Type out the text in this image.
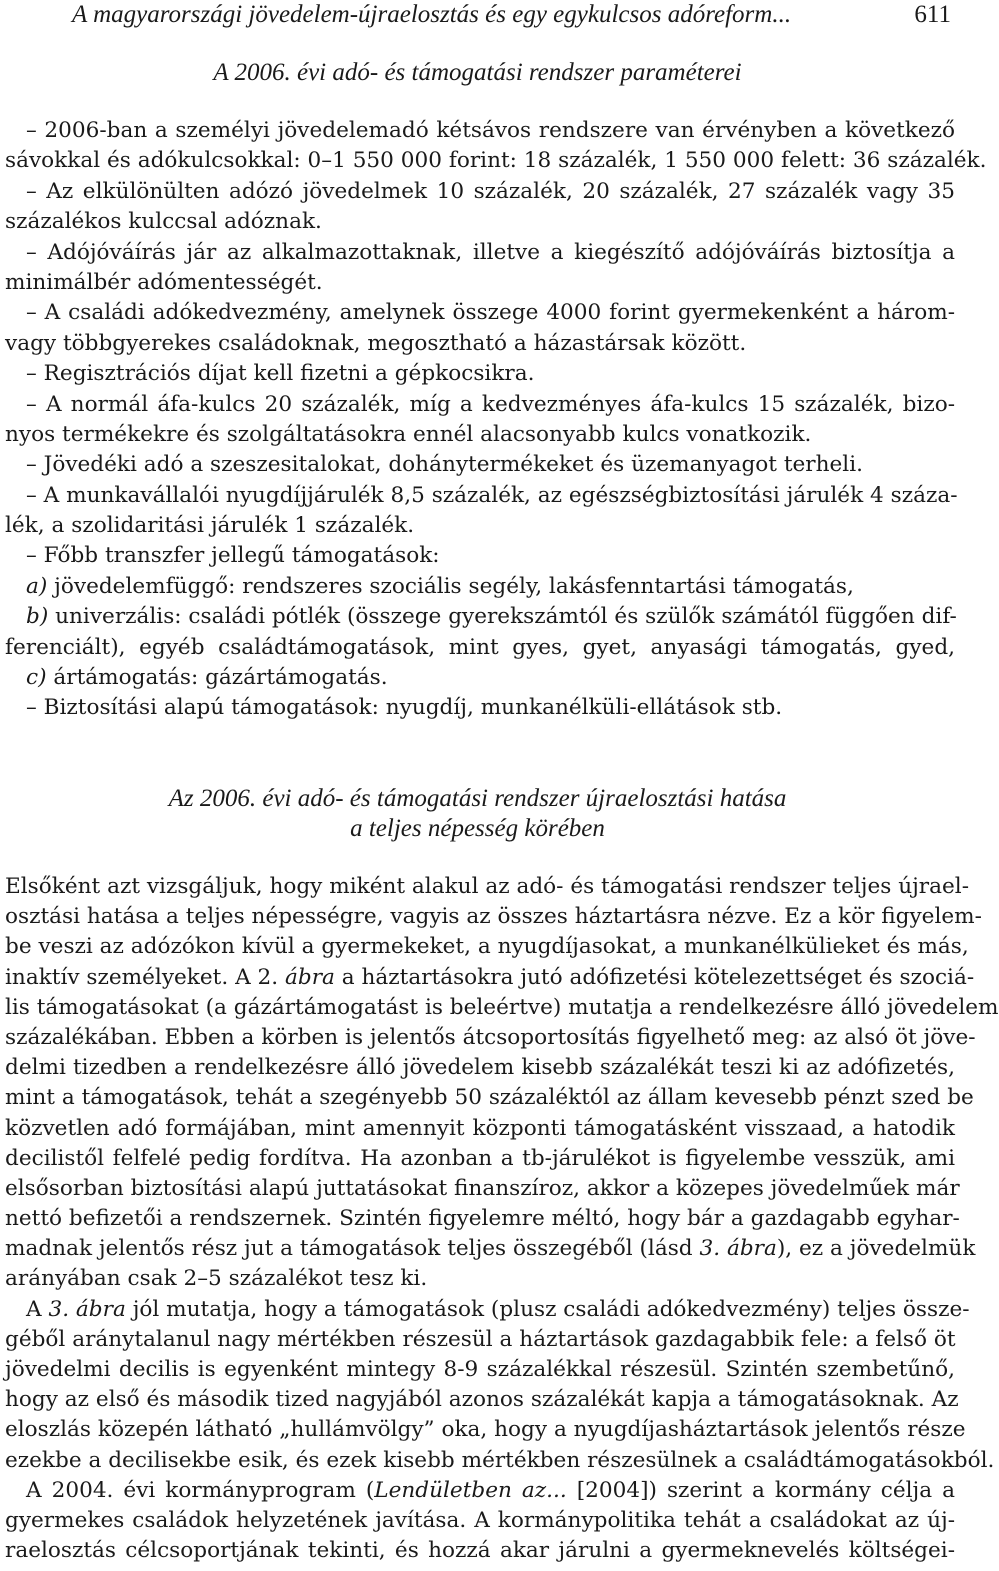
A magyarországi jövedelem-újraelosztás és egy egykulcsos adóreform...	611
A 2006. évi adó- és támogatási rendszer paraméterei
– 2006-ban a személyi jövedelemadó kétsávos rendszere van érvényben a következő
sávokkal és adókulcsokkal: 0–1 550 000 forint: 18 százalék, 1 550 000 felett: 36 százalék.
– Az elkülönülten adózó jövedelmek 10 százalék, 20 százalék, 27 százalék vagy 35
százalékos kulccsal adóznak.
– Adójóváírás jár az alkalmazottaknak, illetve a kiegészítő adójóváírás biztosítja a
minimálbér adómentességét.
– A családi adókedvezmény, amelynek összege 4000 forint gyermekenként a három-
vagy többgyerekes családoknak, megosztható a házastársak között.
– Regisztrációs díjat kell fizetni a gépkocsikra.
– A normál áfa-kulcs 20 százalék, míg a kedvezményes áfa-kulcs 15 százalék, bizo-
nyos termékekre és szolgáltatásokra ennél alacsonyabb kulcs vonatkozik.
– Jövedéki adó a szeszesitalokat, dohánytermékeket és üzemanyagot terheli.
– A munkavállalói nyugdíjjárulék 8,5 százalék, az egészségbiztosítási járulék 4 száza-
lék, a szolidaritási járulék 1 százalék.
– Főbb transzfer jellegű támogatások:
a) jövedelemfüggő: rendszeres szociális segély, lakásfenntartási támogatás,
b) univerzális: családi pótlék (összege gyerekszámtól és szülők számától függően dif-
ferenciált), egyéb családtámogatások, mint gyes, gyet, anyasági támogatás, gyed,
c) ártámogatás: gázártámogatás.
– Biztosítási alapú támogatások: nyugdíj, munkanélküli-ellátások stb.
Az 2006. évi adó- és támogatási rendszer újraelosztási hatása
a teljes népesség körében
Elsőként azt vizsgáljuk, hogy miként alakul az adó- és támogatási rendszer teljes újrael-
osztási hatása a teljes népességre, vagyis az összes háztartásra nézve. Ez a kör figyelem-
be veszi az adózókon kívül a gyermekeket, a nyugdíjasokat, a munkanélkülieket és más,
inaktív személyeket. A 2. ábra a háztartásokra jutó adófizetési kötelezettséget és szociá-
lis támogatásokat (a gázártámogatást is beleértve) mutatja a rendelkezésre álló jövedelem
százalékában. Ebben a körben is jelentős átcsoportosítás figyelhető meg: az alsó öt jöve-
delmi tizedben a rendelkezésre álló jövedelem kisebb százalékát teszi ki az adófizetés,
mint a támogatások, tehát a szegényebb 50 százaléktól az állam kevesebb pénzt szed be
közvetlen adó formájában, mint amennyit központi támogatásként visszaad, a hatodik
decilistől felfelé pedig fordítva. Ha azonban a tb-járulékot is figyelembe vesszük, ami
elsősorban biztosítási alapú juttatásokat finanszíroz, akkor a közepes jövedelműek már
nettó befizetői a rendszernek. Szintén figyelemre méltó, hogy bár a gazdagabb egyhar-
madnak jelentős rész jut a támogatások teljes összegéből (lásd 3. ábra), ez a jövedelmük
arányában csak 2–5 százalékot tesz ki.
A 3. ábra jól mutatja, hogy a támogatások (plusz családi adókedvezmény) teljes össze-
géből aránytalanul nagy mértékben részesül a háztartások gazdagabbik fele: a felső öt
jövedelmi decilis is egyenként mintegy 8-9 százalékkal részesül. Szintén szembetűnő,
hogy az első és második tized nagyjából azonos százalékát kapja a támogatásoknak. Az
eloszlás közepén látható „hullámvölgy” oka, hogy a nyugdíjasháztartások jelentős része
ezekbe a decilisekbe esik, és ezek kisebb mértékben részesülnek a családtámogatásokból.
A 2004. évi kormányprogram (Lendületben az... [2004]) szerint a kormány célja a
gyermekes családok helyzetének javítása. A kormánypolitika tehát a családokat az új-
raelosztás célcsoportjának tekinti, és hozzá akar járulni a gyermeknevelés költségei-
